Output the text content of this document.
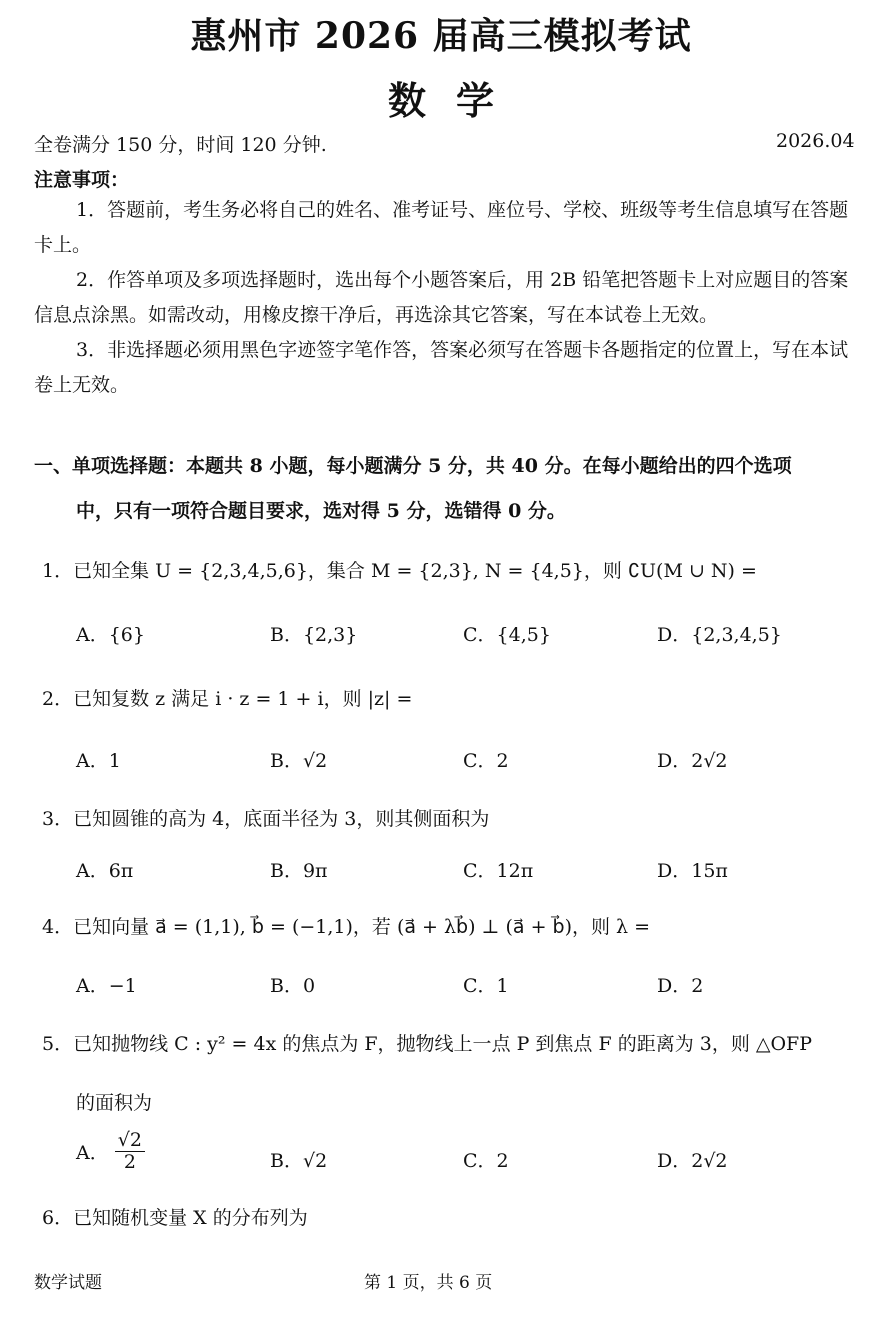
惠州市 2026 届高三模拟考试
数学
全卷满分 150 分，时间 120 分钟.	2026.04
注意事项：
1．答题前，考生务必将自己的姓名、准考证号、座位号、学校、班级等考生信息填写在答题卡上。
2．作答单项及多项选择题时，选出每个小题答案后，用 2B 铅笔把答题卡上对应题目的答案信息点涂黑。如需改动，用橡皮擦干净后，再选涂其它答案，写在本试卷上无效。
3．非选择题必须用黑色字迹签字笔作答，答案必须写在答题卡各题指定的位置上，写在本试卷上无效。
一、单项选择题：本题共 8 小题，每小题满分 5 分，共 40 分。在每小题给出的四个选项
中，只有一项符合题目要求，选对得 5 分，选错得 0 分。
1．已知全集 U = {2,3,4,5,6}，集合 M = {2,3}, N = {4,5}，则 ∁U(M ∪ N) =
A．{6}	B．{2,3}	C．{4,5}	D．{2,3,4,5}
2．已知复数 z 满足 i · z = 1 + i，则 |z| =
A．1	B．√2	C．2	D．2√2
3．已知圆锥的高为 4，底面半径为 3，则其侧面积为
A．6π	B．9π	C．12π	D．15π
4．已知向量 a⃗ = (1,1), b⃗ = (−1,1)，若 (a⃗ + λb⃗) ⊥ (a⃗ + b⃗)，则 λ =
A．−1	B．0	C．1	D．2
5．已知抛物线 C : y² = 4x 的焦点为 F，抛物线上一点 P 到焦点 F 的距离为 3，则 △OFP
的面积为
A． $\frac{√2}{2}$	B．√2	C．2	D．2√2
6．已知随机变量 X 的分布列为
数学试题	第 1 页，共 6 页
